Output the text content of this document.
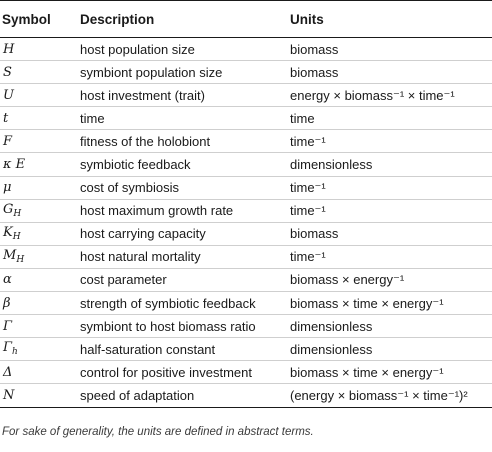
Symbol	Description	Units
H	host population size	biomass
S	symbiont population size	biomass
U	host investment (trait)	energy × biomass⁻¹ × time⁻¹
t	time	time
F	fitness of the holobiont	time⁻¹
κ E	symbiotic feedback	dimensionless
μ	cost of symbiosis	time⁻¹
$G_H$	host maximum growth rate	time⁻¹
$K_H$	host carrying capacity	biomass
$M_H$	host natural mortality	time⁻¹
α	cost parameter	biomass × energy⁻¹
β	strength of symbiotic feedback	biomass × time × energy⁻¹
Γ	symbiont to host biomass ratio	dimensionless
$\Gamma_h$	half-saturation constant	dimensionless
Δ	control for positive investment	biomass × time × energy⁻¹
N	speed of adaptation	(energy × biomass⁻¹ × time⁻¹)²
For sake of generality, the units are defined in abstract terms.
